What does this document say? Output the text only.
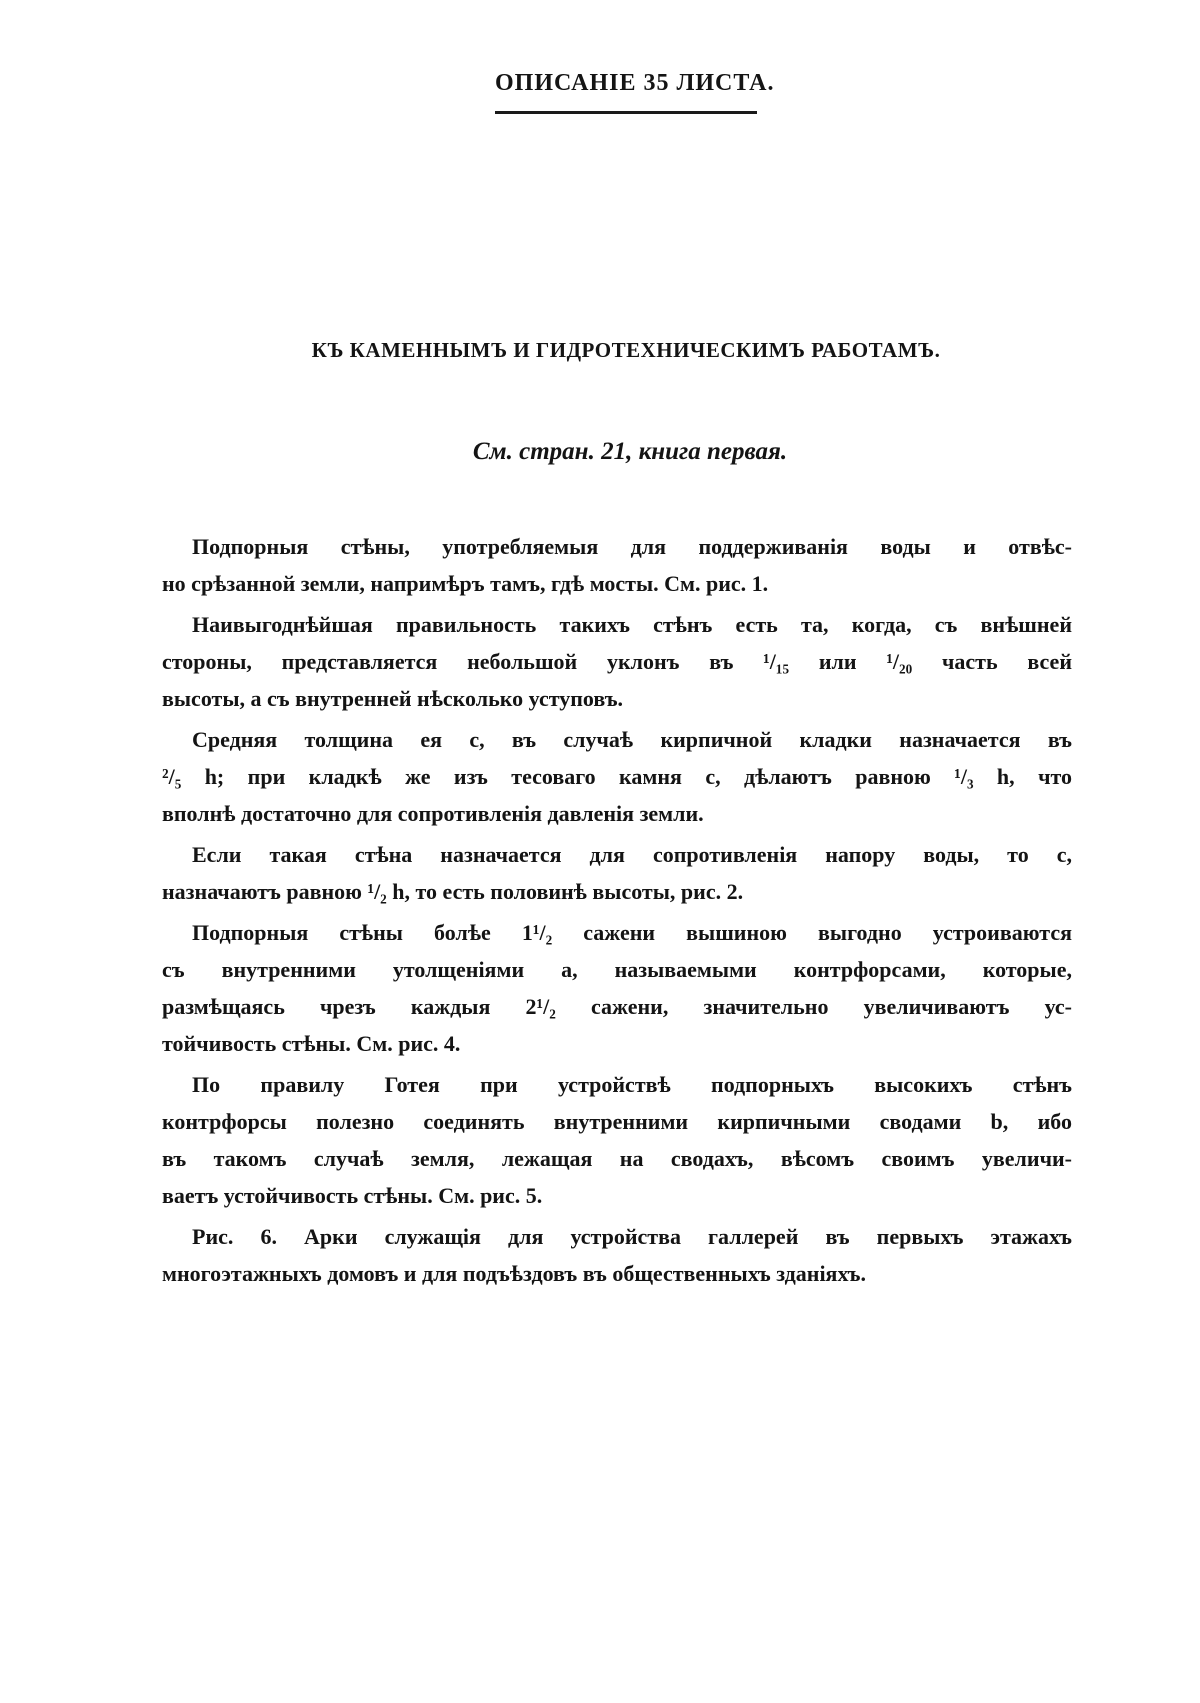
ОПИСАНІЕ 35 ЛИСТА.
КЪ КАМЕННЫМЪ И ГИДРОТЕХНИЧЕСКИМЪ РАБОТАМЪ.
См. стран. 21, книга первая.
Подпорныя стѣны, употребляемыя для поддерживанія воды и отвѣс-
но срѣзанной земли, напримѣръ тамъ, гдѣ мосты. См. рис. 1.
Наивыгоднѣйшая правильность такихъ стѣнъ есть та, когда, съ внѣшней
стороны, представляется небольшой уклонъ въ ¹/₁₅ или ¹/₂₀ часть всей
высоты, а съ внутренней нѣсколько уступовъ.
Средняя толщина ея с, въ случаѣ кирпичной кладки назначается въ
²/₅ h; при кладкѣ же изъ тесоваго камня с, дѣлаютъ равною ¹/₃ h, что
вполнѣ достаточно для сопротивленія давленія земли.
Если такая стѣна назначается для сопротивленія напору воды, то с,
назначаютъ равною ¹/₂ h, то есть половинѣ высоты, рис. 2.
Подпорныя стѣны болѣе 1¹/₂ сажени вышиною выгодно устроиваются
съ внутренними утолщеніями а, называемыми контрфорсами, которые,
размѣщаясь чрезъ каждыя 2¹/₂ сажени, значительно увеличиваютъ ус-
тойчивость стѣны. См. рис. 4.
По правилу Готея при устройствѣ подпорныхъ высокихъ стѣнъ
контрфорсы полезно соединять внутренними кирпичными сводами b, ибо
въ такомъ случаѣ земля, лежащая на сводахъ, вѣсомъ своимъ увеличи-
ваетъ устойчивость стѣны. См. рис. 5.
Рис. 6. Арки служащія для устройства галлерей въ первыхъ этажахъ
многоэтажныхъ домовъ и для подъѣздовъ въ общественныхъ зданіяхъ.
